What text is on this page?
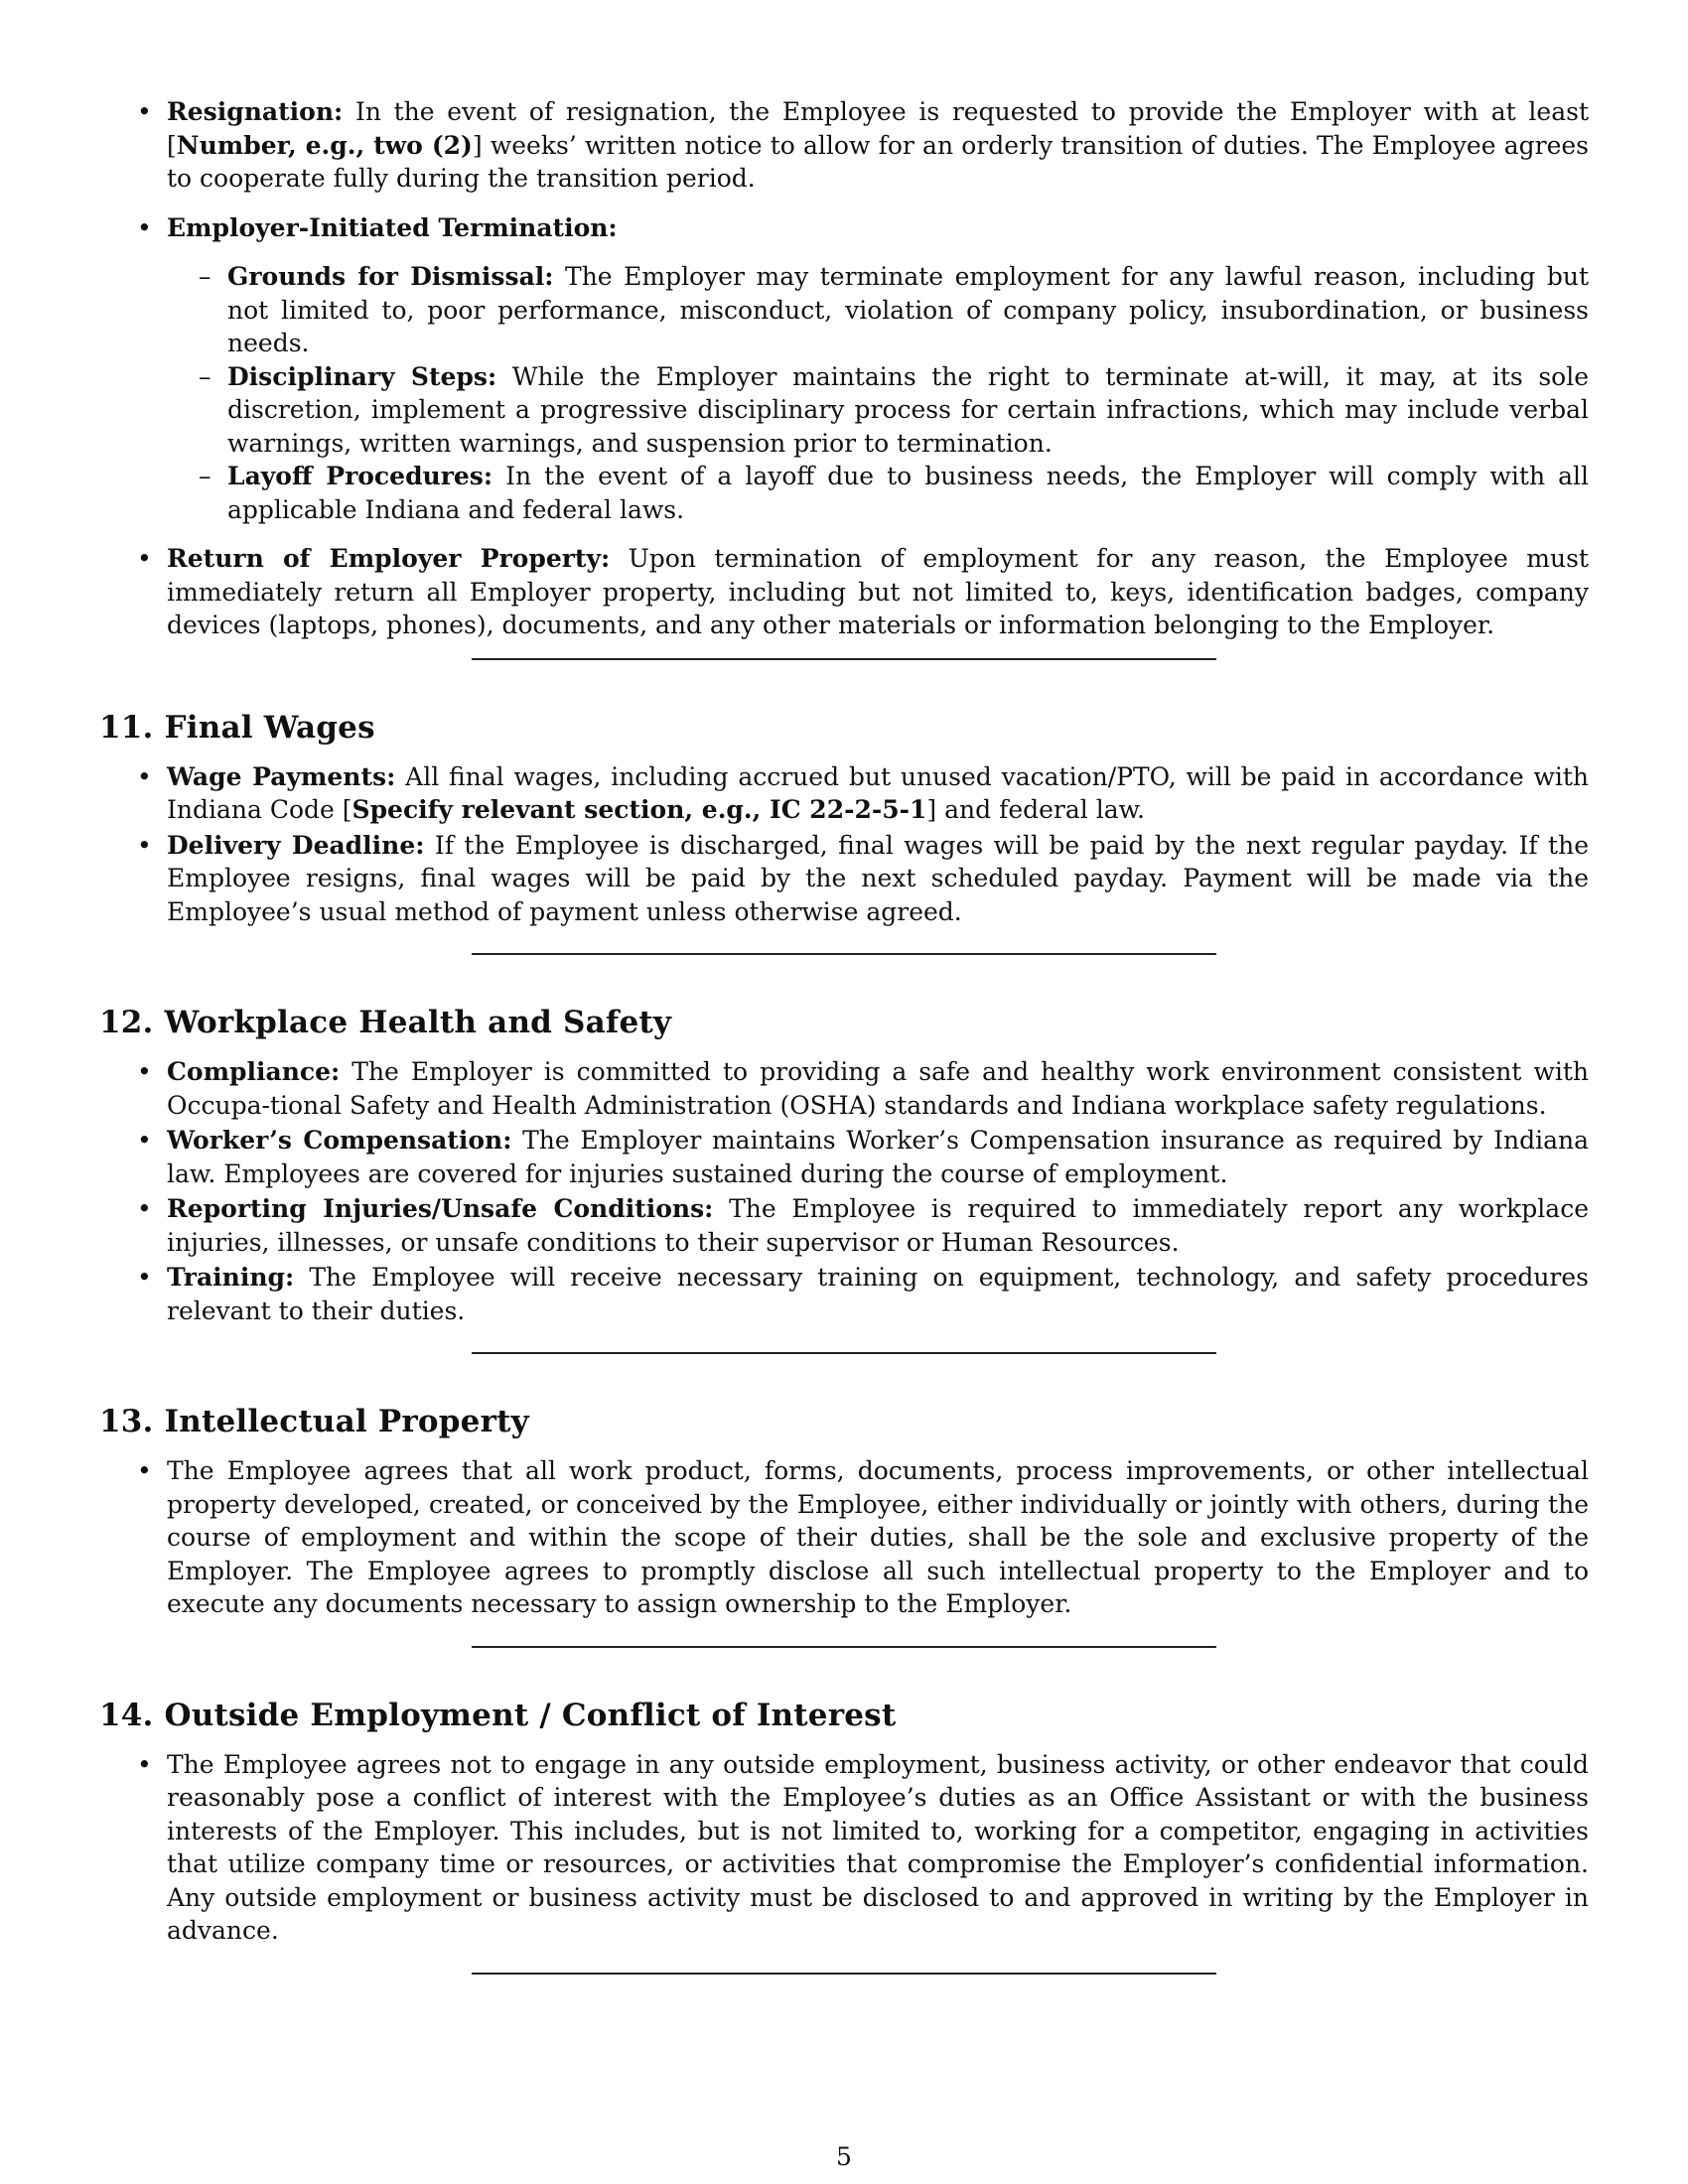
• Resignation: In the event of resignation, the Employee is requested to provide the Employer with at least [Number, e.g., two (2)] weeks’ written notice to allow for an orderly transition of duties. The Employee agrees to cooperate fully during the transition period.
• Employer-Initiated Termination:
– Grounds for Dismissal: The Employer may terminate employment for any lawful reason, including but not limited to, poor performance, misconduct, violation of company policy, insubordination, or business needs.
– Disciplinary Steps: While the Employer maintains the right to terminate at-will, it may, at its sole discretion, implement a progressive disciplinary process for certain infractions, which may include verbal warnings, written warnings, and suspension prior to termination.
– Layoff Procedures: In the event of a layoff due to business needs, the Employer will comply with all applicable Indiana and federal laws.
• Return of Employer Property: Upon termination of employment for any reason, the Employee must immediately return all Employer property, including but not limited to, keys, identification badges, company devices (laptops, phones), documents, and any other materials or information belonging to the Employer.
11. Final Wages
• Wage Payments: All final wages, including accrued but unused vacation/PTO, will be paid in accordance with Indiana Code [Specify relevant section, e.g., IC 22-2-5-1] and federal law.
• Delivery Deadline: If the Employee is discharged, final wages will be paid by the next regular payday. If the Employee resigns, final wages will be paid by the next scheduled payday. Payment will be made via the Employee’s usual method of payment unless otherwise agreed.
12. Workplace Health and Safety
• Compliance: The Employer is committed to providing a safe and healthy work environment consistent with Occupa-tional Safety and Health Administration (OSHA) standards and Indiana workplace safety regulations.
• Worker’s Compensation: The Employer maintains Worker’s Compensation insurance as required by Indiana law. Employees are covered for injuries sustained during the course of employment.
• Reporting Injuries/Unsafe Conditions: The Employee is required to immediately report any workplace injuries, illnesses, or unsafe conditions to their supervisor or Human Resources.
• Training: The Employee will receive necessary training on equipment, technology, and safety procedures relevant to their duties.
13. Intellectual Property
• The Employee agrees that all work product, forms, documents, process improvements, or other intellectual property developed, created, or conceived by the Employee, either individually or jointly with others, during the course of employment and within the scope of their duties, shall be the sole and exclusive property of the Employer. The Employee agrees to promptly disclose all such intellectual property to the Employer and to execute any documents necessary to assign ownership to the Employer.
14. Outside Employment / Conflict of Interest
• The Employee agrees not to engage in any outside employment, business activity, or other endeavor that could reasonably pose a conflict of interest with the Employee’s duties as an Office Assistant or with the business interests of the Employer. This includes, but is not limited to, working for a competitor, engaging in activities that utilize company time or resources, or activities that compromise the Employer’s confidential information. Any outside employment or business activity must be disclosed to and approved in writing by the Employer in advance.
5
